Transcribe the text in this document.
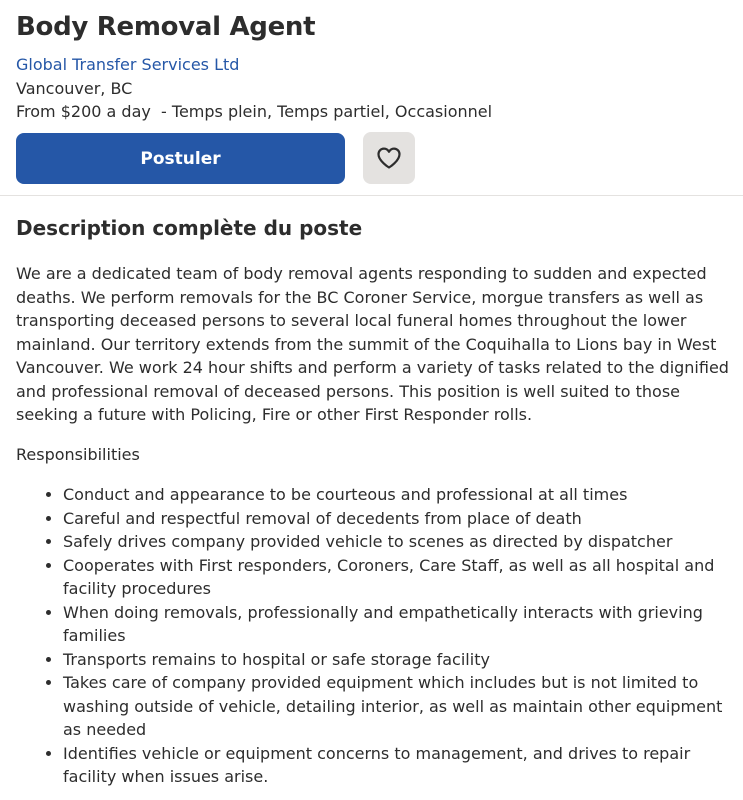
Body Removal Agent
Global Transfer Services Ltd
Vancouver, BC
From $200 a day  - Temps plein, Temps partiel, Occasionnel
Postuler
Description complète du poste

We are a dedicated team of body removal agents responding to sudden and expected deaths. We perform removals for the BC Coroner Service, morgue transfers as well as transporting deceased persons to several local funeral homes throughout the lower mainland. Our territory extends from the summit of the Coquihalla to Lions bay in West Vancouver. We work 24 hour shifts and perform a variety of tasks related to the dignified and professional removal of deceased persons. This position is well suited to those seeking a future with Policing, Fire or other First Responder rolls.

Responsibilities

• Conduct and appearance to be courteous and professional at all times
• Careful and respectful removal of decedents from place of death
• Safely drives company provided vehicle to scenes as directed by dispatcher
• Cooperates with First responders, Coroners, Care Staff, as well as all hospital and facility procedures
• When doing removals, professionally and empathetically interacts with grieving families
• Transports remains to hospital or safe storage facility
• Takes care of company provided equipment which includes but is not limited to washing outside of vehicle, detailing interior, as well as maintain other equipment as needed
• Identifies vehicle or equipment concerns to management, and drives to repair facility when issues arise.
